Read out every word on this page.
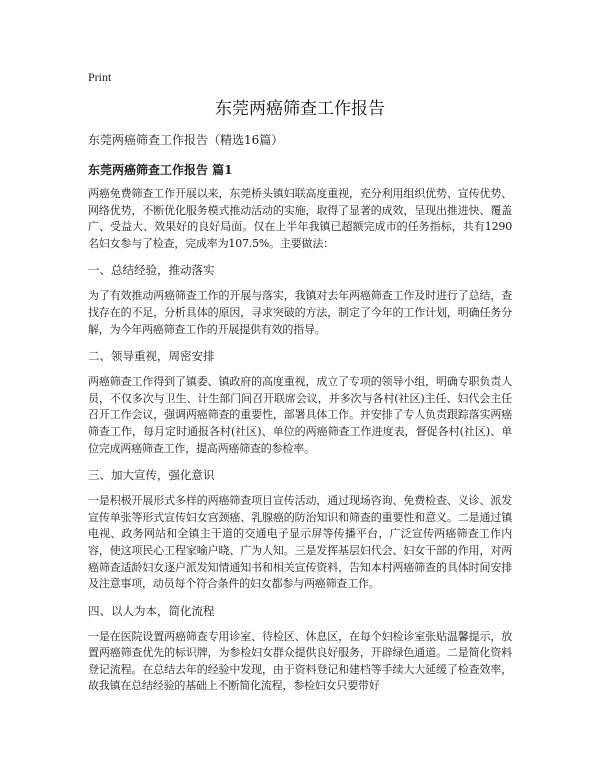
Print
东莞两癌筛查工作报告
东莞两癌筛查工作报告（精选16篇）
东莞两癌筛查工作报告 篇1

两癌免费筛查工作开展以来，东莞桥头镇妇联高度重视，充分利用组织优势、宣传优势、网络优势，不断优化服务模式推动活动的实施，取得了显著的成效，呈现出推进快、覆盖广、受益大、效果好的良好局面。仅在上半年我镇已超额完成市的任务指标，共有1290名妇女参与了检查，完成率为107.5%。主要做法：

一、总结经验，推动落实

为了有效推动两癌筛查工作的开展与落实，我镇对去年两癌筛查工作及时进行了总结，查找存在的不足，分析具体的原因，寻求突破的方法，制定了今年的工作计划，明确任务分解，为今年两癌筛查工作的开展提供有效的指导。

二、领导重视，周密安排

两癌筛查工作得到了镇委、镇政府的高度重视，成立了专项的领导小组，明确专职负责人员，不仅多次与卫生、计生部门间召开联席会议，并多次与各村(社区)主任、妇代会主任召开工作会议，强调两癌筛查的重要性，部署具体工作。并安排了专人负责跟踪落实两癌筛查工作，每月定时通报各村(社区)、单位的两癌筛查工作进度表，督促各村(社区)、单位完成两癌筛查工作，提高两癌筛查的参检率。

三、加大宣传，强化意识

一是积极开展形式多样的两癌筛查项目宣传活动，通过现场咨询、免费检查、义诊、派发宣传单张等形式宣传妇女宫颈癌、乳腺癌的防治知识和筛查的重要性和意义。二是通过镇电视、政务网站和全镇主干道的交通电子显示屏等传播平台，广泛宣传两癌筛查工作内容，使这项民心工程家喻户晓、广为人知。三是发挥基层妇代会、妇女干部的作用，对两癌筛查适龄妇女逐户派发知情通知书和相关宣传资料，告知本村两癌筛查的具体时间安排及注意事项，动员每个符合条件的妇女都参与两癌筛查工作。

四、以人为本，简化流程

一是在医院设置两癌筛查专用诊室、待检区、休息区，在每个妇检诊室张贴温馨提示，放置两癌筛查优先的标识牌，为参检妇女群众提供良好服务，开辟绿色通道。二是简化资料登记流程。在总结去年的经验中发现，由于资料登记和建档等手续大大延缓了检查效率，故我镇在总结经验的基础上不断简化流程，参检妇女只要带好
